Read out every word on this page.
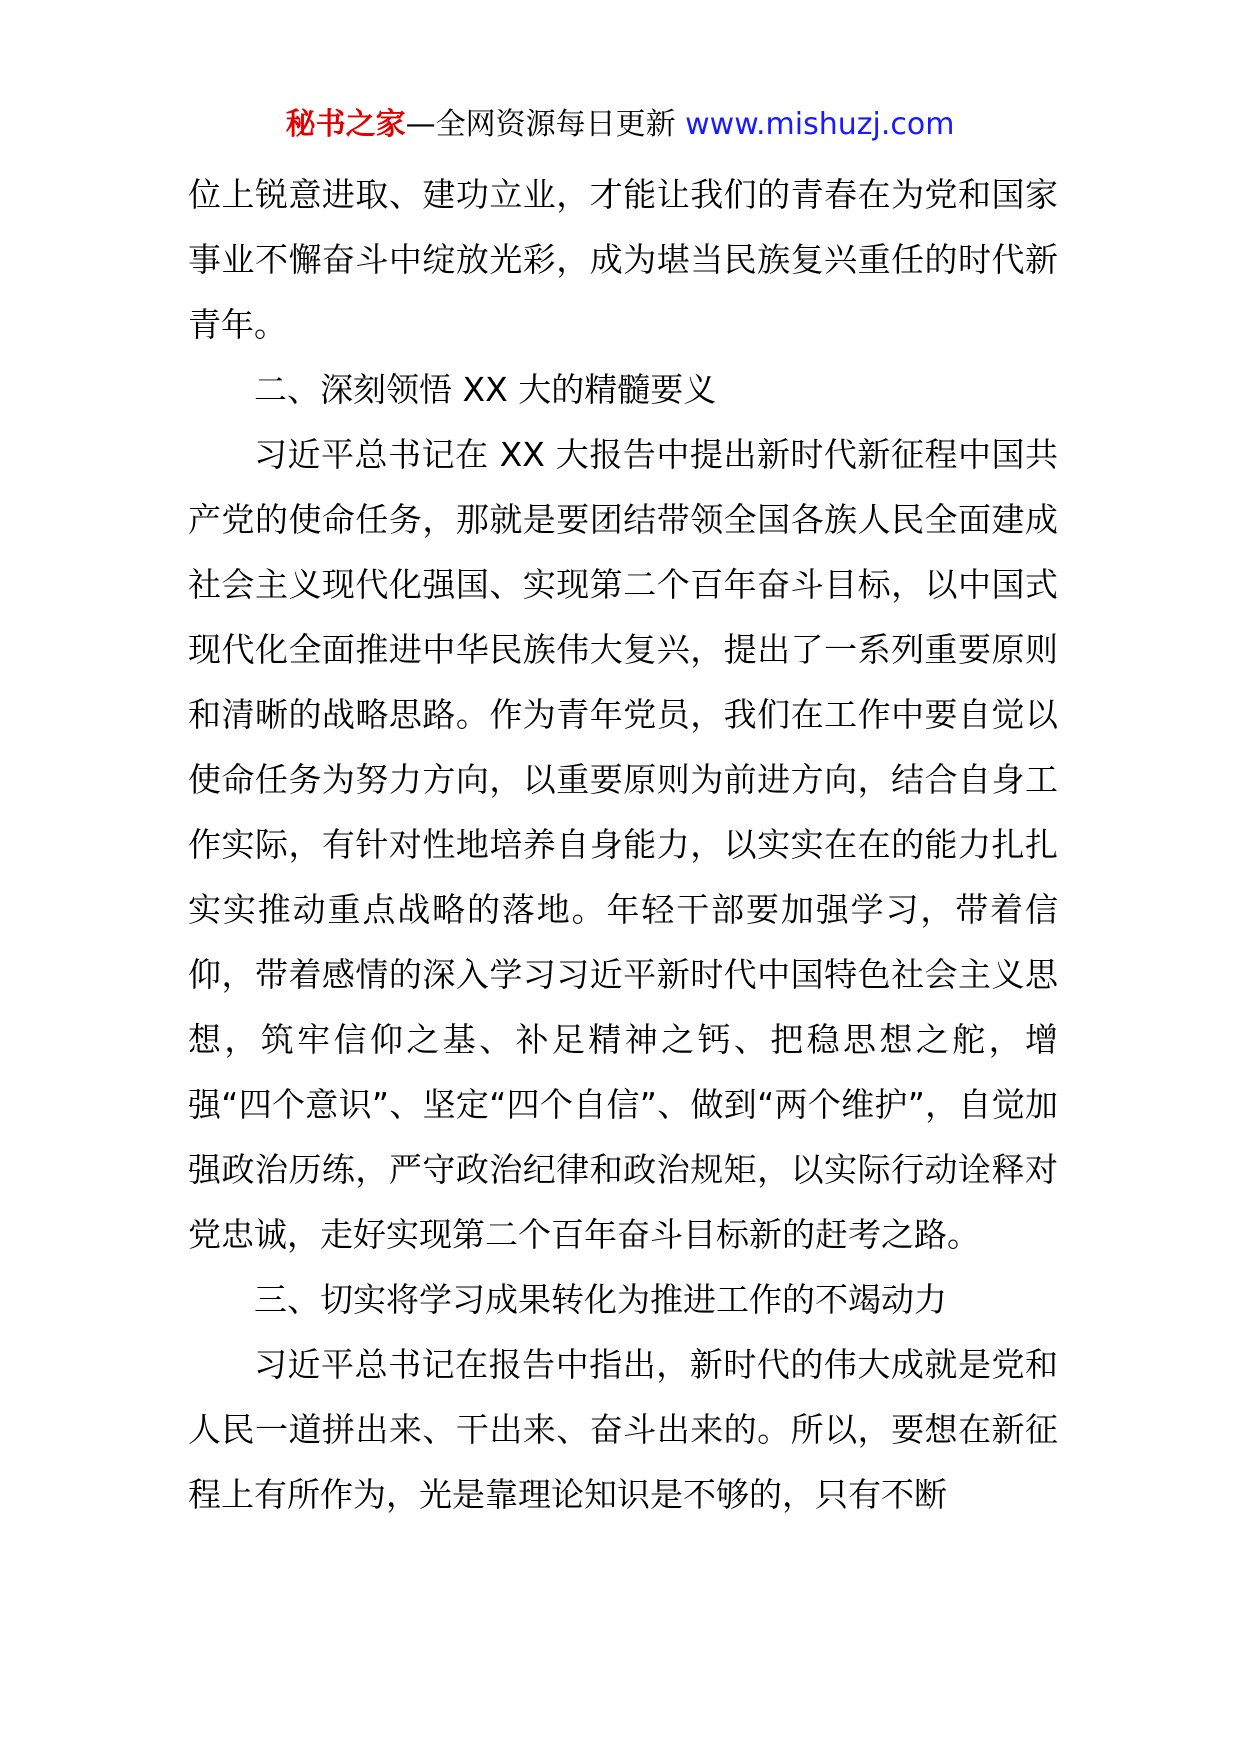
秘书之家—全网资源每日更新 www.mishuzj.com

位上锐意进取、建功立业，才能让我们的青春在为党和国家事业不懈奋斗中绽放光彩，成为堪当民族复兴重任的时代新青年。

二、深刻领悟 XX 大的精髓要义

习近平总书记在 XX 大报告中提出新时代新征程中国共产党的使命任务，那就是要团结带领全国各族人民全面建成社会主义现代化强国、实现第二个百年奋斗目标，以中国式现代化全面推进中华民族伟大复兴，提出了一系列重要原则和清晰的战略思路。作为青年党员，我们在工作中要自觉以使命任务为努力方向，以重要原则为前进方向，结合自身工作实际，有针对性地培养自身能力，以实实在在的能力扎扎实实推动重点战略的落地。年轻干部要加强学习，带着信仰，带着感情的深入学习习近平新时代中国特色社会主义思想，筑牢信仰之基、补足精神之钙、把稳思想之舵，增强“四个意识”、坚定“四个自信”、做到“两个维护”，自觉加强政治历练，严守政治纪律和政治规矩，以实际行动诠释对党忠诚，走好实现第二个百年奋斗目标新的赶考之路。

三、切实将学习成果转化为推进工作的不竭动力

习近平总书记在报告中指出，新时代的伟大成就是党和人民一道拼出来、干出来、奋斗出来的。所以，要想在新征程上有所作为，光是靠理论知识是不够的，只有不断
